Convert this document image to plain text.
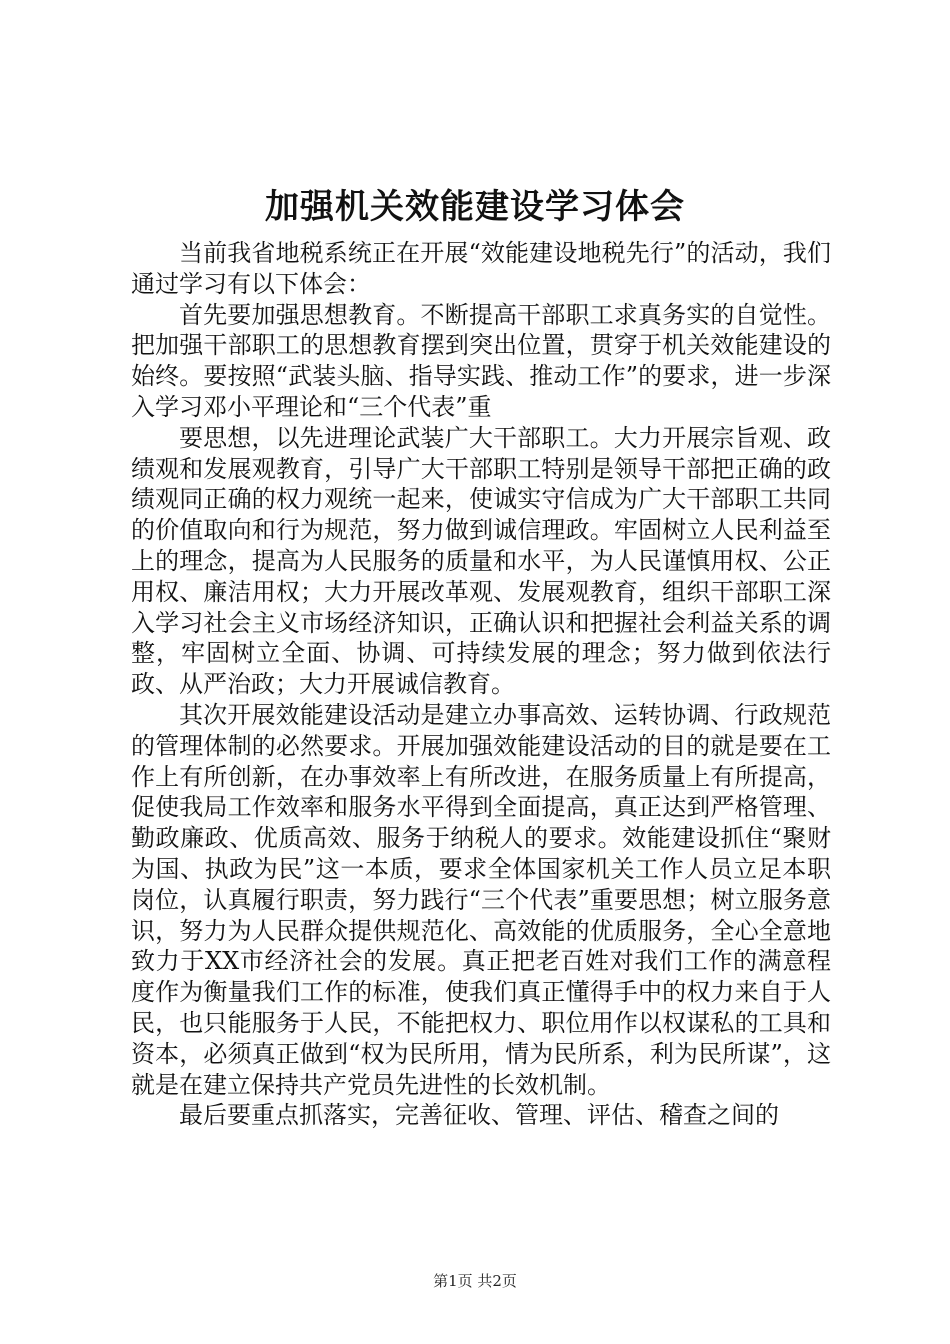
加强机关效能建设学习体会

当前我省地税系统正在开展“效能建设地税先行”的活动，我们通过学习有以下体会：

首先要加强思想教育。不断提高干部职工求真务实的自觉性。把加强干部职工的思想教育摆到突出位置，贯穿于机关效能建设的始终。要按照“武装头脑、指导实践、推动工作”的要求，进一步深入学习邓小平理论和“三个代表”重

要思想，以先进理论武装广大干部职工。大力开展宗旨观、政绩观和发展观教育，引导广大干部职工特别是领导干部把正确的政绩观同正确的权力观统一起来，使诚实守信成为广大干部职工共同的价值取向和行为规范，努力做到诚信理政。牢固树立人民利益至上的理念，提高为人民服务的质量和水平，为人民谨慎用权、公正用权、廉洁用权；大力开展改革观、发展观教育，组织干部职工深入学习社会主义市场经济知识，正确认识和把握社会利益关系的调整，牢固树立全面、协调、可持续发展的理念；努力做到依法行政、从严治政；大力开展诚信教育。

其次开展效能建设活动是建立办事高效、运转协调、行政规范的管理体制的必然要求。开展加强效能建设活动的目的就是要在工作上有所创新，在办事效率上有所改进，在服务质量上有所提高，促使我局工作效率和服务水平得到全面提高，真正达到严格管理、勤政廉政、优质高效、服务于纳税人的要求。效能建设抓住“聚财为国、执政为民”这一本质，要求全体国家机关工作人员立足本职岗位，认真履行职责，努力践行“三个代表”重要思想；树立服务意识，努力为人民群众提供规范化、高效能的优质服务，全心全意地致力于XX市经济社会的发展。真正把老百姓对我们工作的满意程度作为衡量我们工作的标准，使我们真正懂得手中的权力来自于人民，也只能服务于人民，不能把权力、职位用作以权谋私的工具和资本，必须真正做到“权为民所用，情为民所系，利为民所谋”，这就是在建立保持共产党员先进性的长效机制。

最后要重点抓落实，完善征收、管理、评估、稽查之间的

第1页 共2页
